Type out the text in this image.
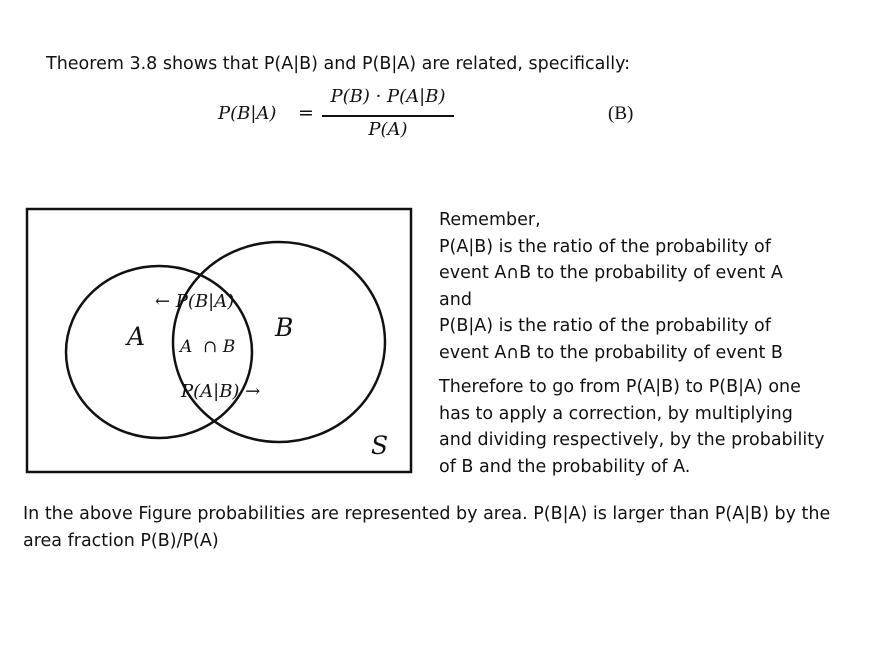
Theorem 3.8 shows that P(A|B) and P(B|A) are related, specifically:
P(B|A) =
P(B) · P(A|B)
P(A)
(B)
A	B
S
A  ∩ B
← P(B|A)
P(A|B) →

Remember,

P(A|B) is the ratio of the probability of

event A∩B to the probability of event A

and

P(B|A) is the ratio of the probability of

event A∩B to the probability of event B

Therefore to go from P(A|B) to P(B|A) one

has to apply a correction, by multiplying

and dividing respectively, by the probability

of B and the probability of A.

In the above Figure probabilities are represented by area. P(B|A) is larger than P(A|B) by the
area fraction P(B)/P(A)
